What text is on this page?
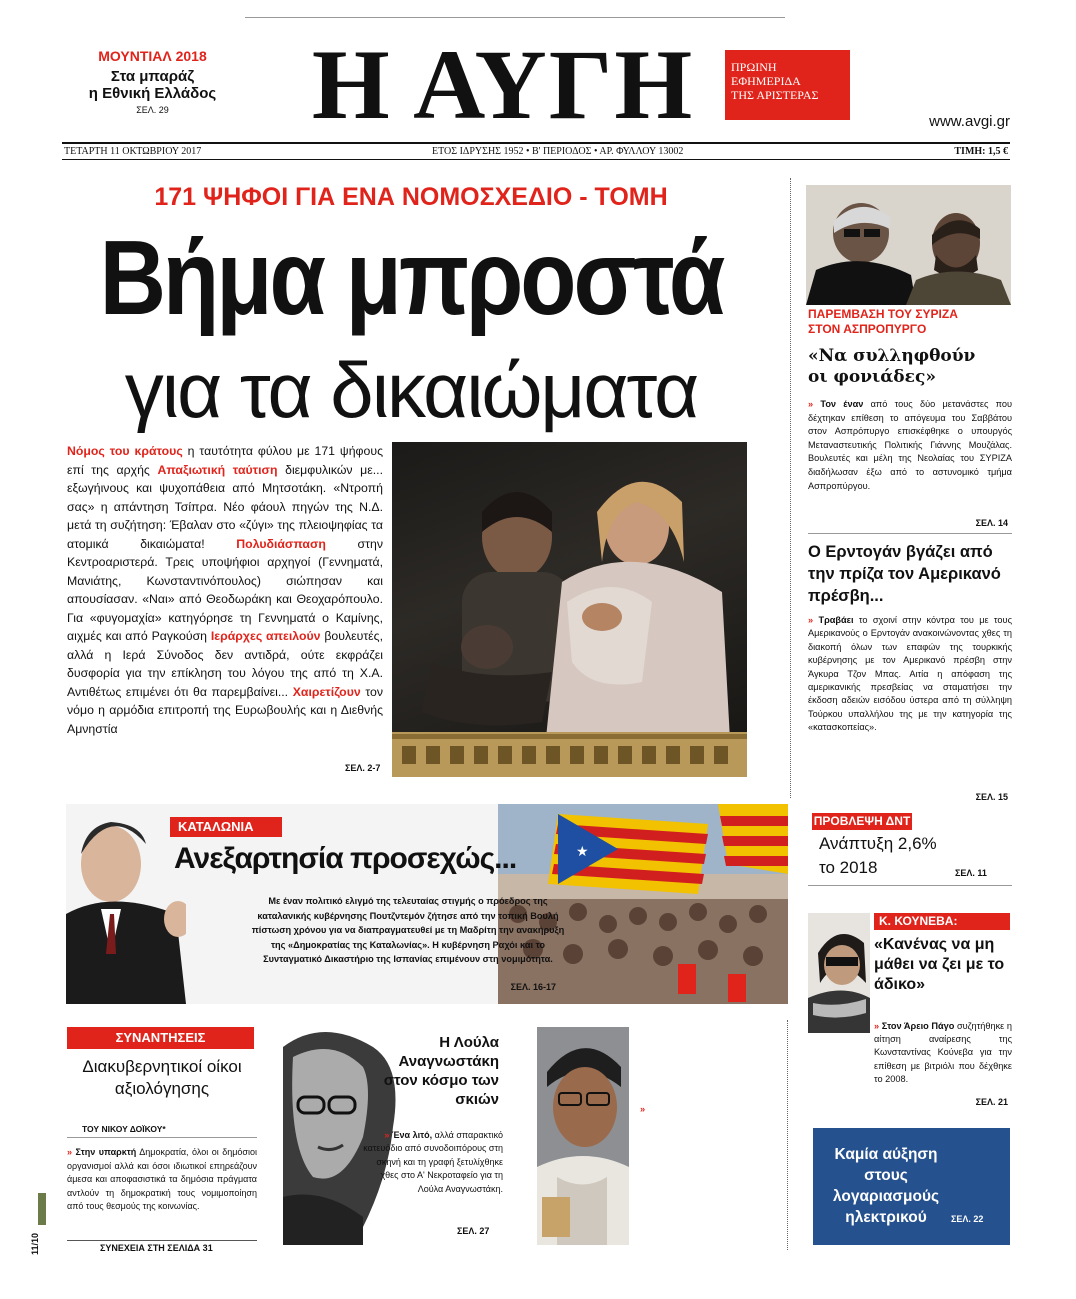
ΜΟΥΝΤΙΑΛ 2018
Στα μπαράζ
η Εθνική Ελλάδος
ΣΕΛ. 29	Η ΑΥΓΗ	ΠΡΩΙΝΗ
ΕΦΗΜΕΡΙΔΑ
ΤΗΣ ΑΡΙΣΤΕΡΑΣ
www.avgi.gr
ΤΕΤΑΡΤΗ 11 ΟΚΤΩΒΡΙΟΥ 2017	ΕΤΟΣ ΙΔΡΥΣΗΣ 1952 • Β' ΠΕΡΙΟΔΟΣ • ΑΡ. ΦΥΛΛΟΥ 13002	ΤΙΜΗ: 1,5 €
171 ΨΗΦΟΙ ΓΙΑ ΕΝΑ ΝΟΜΟΣΧΕΔΙΟ - ΤΟΜΗ
Βήμα μπροστά
για τα δικαιώματα
Νόμος του κράτους η ταυτότητα φύλου με 171 ψήφους επί της αρχής Απαξιωτική ταύτιση διεμφυλικών με... εξωγήινους και ψυχοπάθεια από Μητσοτάκη. «Ντροπή σας» η απάντηση Τσίπρα. Νέο φάουλ πηγών της Ν.Δ. μετά τη συζήτηση: Έβαλαν στο «ζύγι» της πλειοψηφίας τα ατομικά δικαιώματα! Πολυδιάσπαση στην Κεντροαριστερά. Τρεις υποψήφιοι αρχηγοί (Γεννηματά, Μανιάτης, Κωνσταντινόπουλος) σιώπησαν και απουσίασαν. «Ναι» από Θεοδωράκη και Θεοχαρόπουλο. Για «φυγομαχία» κατηγόρησε τη Γεννηματά ο Καμίνης, αιχμές και από Ραγκούση Ιεράρχες απειλούν βουλευτές, αλλά η Ιερά Σύνοδος δεν αντιδρά, ούτε εκφράζει δυσφορία για την επίκληση του λόγου της από τη Χ.Α. Αντιθέτως επιμένει ότι θα παρεμβαίνει... Χαιρετίζουν τον νόμο η αρμόδια επιτροπή της Ευρωβουλής και η Διεθνής Αμνηστία
ΣΕΛ. 2-7
ΠΑΡΕΜΒΑΣΗ ΤΟΥ ΣΥΡΙΖΑ
ΣΤΟΝ ΑΣΠΡΟΠΥΡΓΟ
«Να συλληφθούν οι φονιάδες»
» Τον έναν από τους δύο μετανάστες που δέχτηκαν επίθεση το απόγευμα του Σαββάτου στον Ασπρόπυργο επισκέφθηκε ο υπουργός Μεταναστευτικής Πολιτικής Γιάννης Μουζάλας. Βουλευτές και μέλη της Νεολαίας του ΣΥΡΙΖΑ διαδήλωσαν έξω από το αστυνομικό τμήμα Ασπροπύργου.
ΣΕΛ. 14
Ο Ερντογάν βγάζει από την πρίζα τον Αμερικανό πρέσβη...
» Τραβάει το σχοινί στην κόντρα του με τους Αμερικανούς ο Ερντογάν ανακοινώνοντας χθες τη διακοπή όλων των επαφών της τουρκικής κυβέρνησης με τον Αμερικανό πρέσβη στην Άγκυρα Τζον Μπας. Αιτία η απόφαση της αμερικανικής πρεσβείας να σταματήσει την έκδοση αδειών εισόδου ύστερα από τη σύλληψη Τούρκου υπαλλήλου της με την κατηγορία της «κατασκοπείας».
ΣΕΛ. 15
★
ΚΑΤΑΛΩΝΙΑ
Ανεξαρτησία προσεχώς...
Με έναν πολιτικό ελιγμό της τελευταίας στιγμής ο πρόεδρος της καταλανικής κυβέρνησης Πουτζντεμόν ζήτησε από την τοπική Βουλή πίστωση χρόνου για να διαπραγματευθεί με τη Μαδρίτη την ανακήρυξη της «Δημοκρατίας της Καταλωνίας». Η κυβέρνηση Ραχόι και το Συνταγματικό Δικαστήριο της Ισπανίας επιμένουν στη νομιμότητα.
ΣΕΛ. 16-17
ΠΡΟΒΛΕΨΗ ΔΝΤ
Ανάπτυξη 2,6%
το 2018	ΣΕΛ. 11
Κ. ΚΟΥΝΕΒΑ:
«Κανένας να μη μάθει να ζει με το άδικο»
» Στον Άρειο Πάγο συζητήθηκε η αίτηση αναίρεσης της Κωνσταντίνας Κούνεβα για την επίθεση με βιτριόλι που δέχθηκε το 2008.
ΣΕΛ. 21
Καμία αύξηση στους λογαριασμούς ηλεκτρικού	ΣΕΛ. 22
ΣΥΝΑΝΤΗΣΕΙΣ
Διακυβερνητικοί οίκοι αξιολόγησης
ΤΟΥ ΝΙΚΟΥ ΔΟΪΚΟΥ*
» Στην υπαρκτή Δημοκρατία, όλοι οι δημόσιοι οργανισμοί αλλά και όσοι ιδιωτικοί επηρεάζουν άμεσα και αποφασιστικά τα δημόσια πράγματα αντλούν τη δημοκρατική τους νομιμοποίηση από τους θεσμούς της κοινωνίας.
ΣΥΝΕΧΕΙΑ ΣΤΗ ΣΕΛΙΔΑ 31
11/10
Η Λούλα Αναγνωστάκη στον κόσμο των σκιών
» Ένα λιτό, αλλά σπαρακτικό κατευόδιο από συνοδοιπόρους στη σκηνή και τη γραφή ξετυλίχθηκε χθες στο Α' Νεκροταφείο για τη Λούλα Αναγνωστάκη.
ΣΕΛ. 27
»
